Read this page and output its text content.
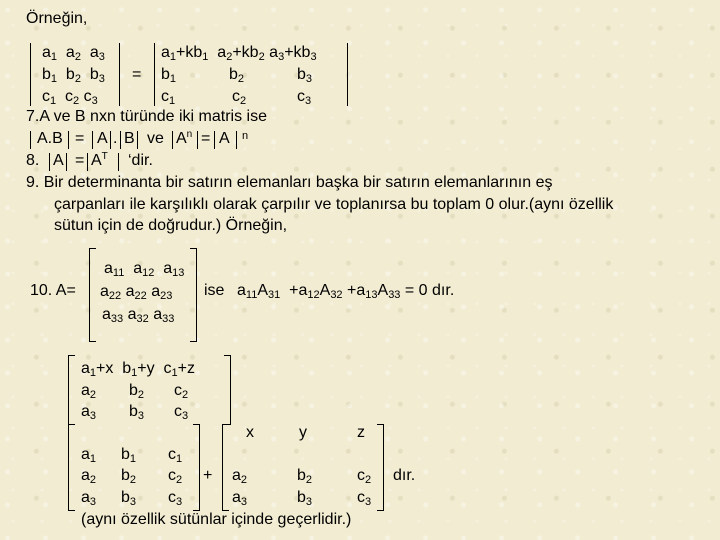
Örneğin,
$a_1$ $a_2$ $a_3$
$b_1$ $b_2$ $b_3$
$c_1$ $c_2$ $c_3$
=
$a_1+kb_1$ $a_2+kb_2$ $a_3+kb_3$
$b_1$	$b_2$	$b_3$
$c_1$	$c_2$	$c_3$
7.A ve B nxn türünde iki matris ise
A.B = A . B ve $A^n = A$ n
8. $A = A^T$ ‘dir.
9. Bir determinanta bir satırın elemanları başka bir satırın elemanlarının eş
çarpanları ile karşılıklı olarak çarpılır ve toplanırsa bu toplam 0 olur.(aynı özellik
sütun için de doğrudur.) Örneğin,
10. A=
$a_{11}$ $a_{12}$ $a_{13}$
$a_{22}$ $a_{22}$ $a_{23}$
$a_{33}$ $a_{32}$ $a_{33}$
ise $a_{11}A_{31} +a_{12}A_{32} +a_{13}A_{33} = 0$ dır.
$a_1+x$ $b_1+y$ $c_1+z$
$a_2$ $b_2$ $c_2$
$a_3$ $b_3$ $c_3$
$a_1$ $b_1$ $c_1$
$a_2$ $b_2$ $c_2$
$a_3$ $b_3$ $c_3$
+
x	y	z
$a_2$	$b_2$	$c_2$
$a_3$	$b_3$	$c_3$
dır.
(aynı özellik sütünlar içinde geçerlidir.)
